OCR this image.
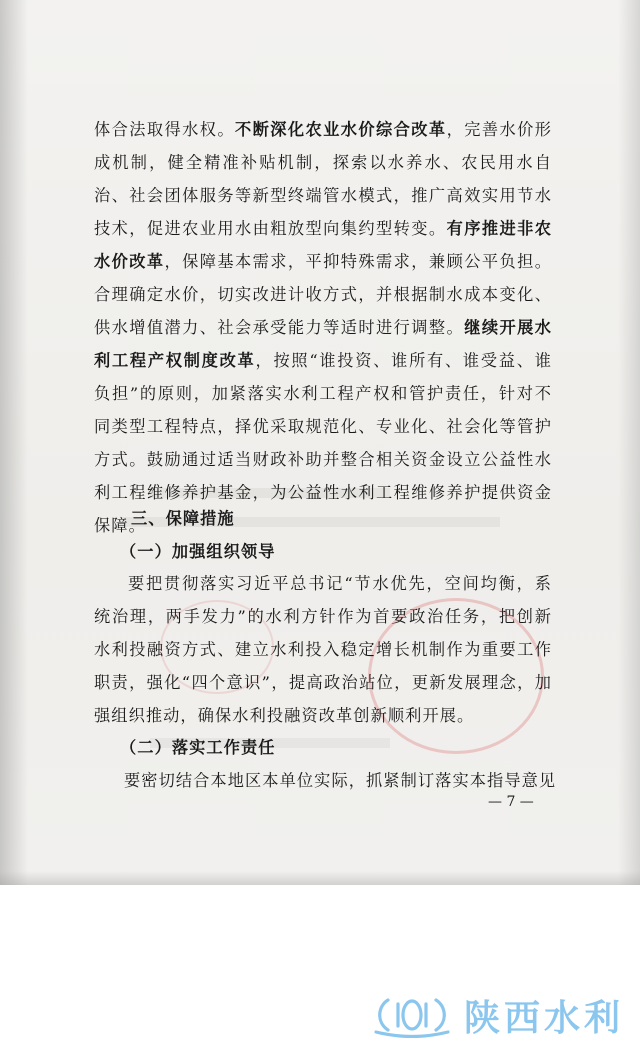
体合法取得水权。不断深化农业水价综合改革，完善水价形成机制，健全精准补贴机制，探索以水养水、农民用水自治、社会团体服务等新型终端管水模式，推广高效实用节水技术，促进农业用水由粗放型向集约型转变。有序推进非农水价改革，保障基本需求，平抑特殊需求，兼顾公平负担。合理确定水价，切实改进计收方式，并根据制水成本变化、供水增值潜力、社会承受能力等适时进行调整。继续开展水利工程产权制度改革，按照“谁投资、谁所有、谁受益、谁负担”的原则，加紧落实水利工程产权和管护责任，针对不同类型工程特点，择优采取规范化、专业化、社会化等管护方式。鼓励通过适当财政补助并整合相关资金设立公益性水利工程维修养护基金，为公益性水利工程维修养护提供资金保障。

三、保障措施

（一）加强组织领导

要把贯彻落实习近平总书记“节水优先，空间均衡，系统治理，两手发力”的水利方针作为首要政治任务，把创新水利投融资方式、建立水利投入稳定增长机制作为重要工作职责，强化“四个意识”，提高政治站位，更新发展理念，加强组织推动，确保水利投融资改革创新顺利开展。

（二）落实工作责任

要密切结合本地区本单位实际，抓紧制订落实本指导意见

— 7 —
陕西水利
